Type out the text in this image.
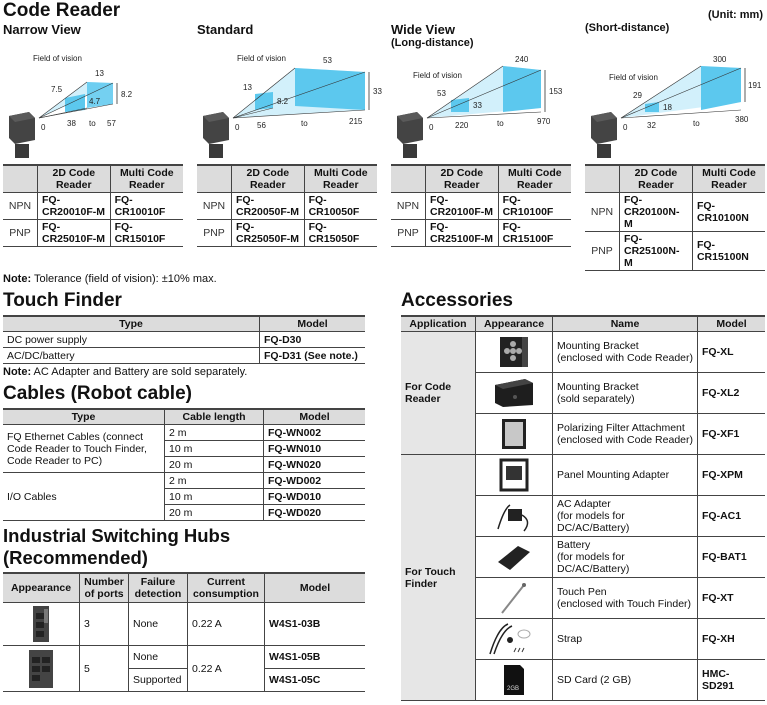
Code Reader	(Unit: mm)
Narrow View
Field of vision
13
7.5
4.7
8.2
38 to 57
0
	2D Code Reader	Multi Code Reader
NPN	FQ-CR20010F-M	FQ-CR10010F
PNP	FQ-CR25010F-M	FQ-CR15010F
Standard
Field of vision	53
13
8.2
33
56	to	215
0
	2D Code Reader	Multi Code Reader
NPN	FQ-CR20050F-M	FQ-CR10050F
PNP	FQ-CR25050F-M	FQ-CR15050F
Wide View
(Long-distance)
Field of vision
240
53
33
153
220	to	970
0
	2D Code Reader	Multi Code Reader
NPN	FQ-CR20100F-M	FQ-CR10100F
PNP	FQ-CR25100F-M	FQ-CR15100F
(Short-distance)
Field of vision
300
29
18
191
32	to	380
0
	2D Code Reader	Multi Code Reader
NPN	FQ-CR20100N-M	FQ-CR10100N
PNP	FQ-CR25100N-M	FQ-CR15100N
Note: Tolerance (field of vision): ±10% max.
Touch Finder
Type	Model
DC power supply	FQ-D30
AC/DC/battery	FQ-D31 (See note.)
Note: AC Adapter and Battery are sold separately.
Cables (Robot cable)
Type	Cable length	Model
FQ Ethernet Cables (connect Code Reader to Touch Finder, Code Reader to PC)	2 m	FQ-WN002
	10 m	FQ-WN010
	20 m	FQ-WN020
I/O Cables	2 m	FQ-WD002
	10 m	FQ-WD010
	20 m	FQ-WD020
Industrial Switching Hubs (Recommended)
Appearance	Number of ports	Failure detection	Current consumption	Model

	3	None	0.22 A	W4S1-03B

	5	None	0.22 A	W4S1-05B
		Supported		W4S1-05C
Accessories
Application	Appearance	Name	Model
For Code Reader		Mounting Bracket
(enclosed with Code Reader)	FQ-XL

Mounting Bracket
(sold separately)	FQ-XL2

Polarizing Filter Attachment
(enclosed with Code Reader)	FQ-XF1
For Touch Finder		Panel Mounting Adapter	FQ-XPM

AC Adapter
(for models for DC/AC/Battery)	FQ-AC1

Battery
(for models for DC/AC/Battery)	FQ-BAT1

Touch Pen
(enclosed with Touch Finder)	FQ-XT

Strap	FQ-XH

2GB	SD Card (2 GB)	HMC-SD291
